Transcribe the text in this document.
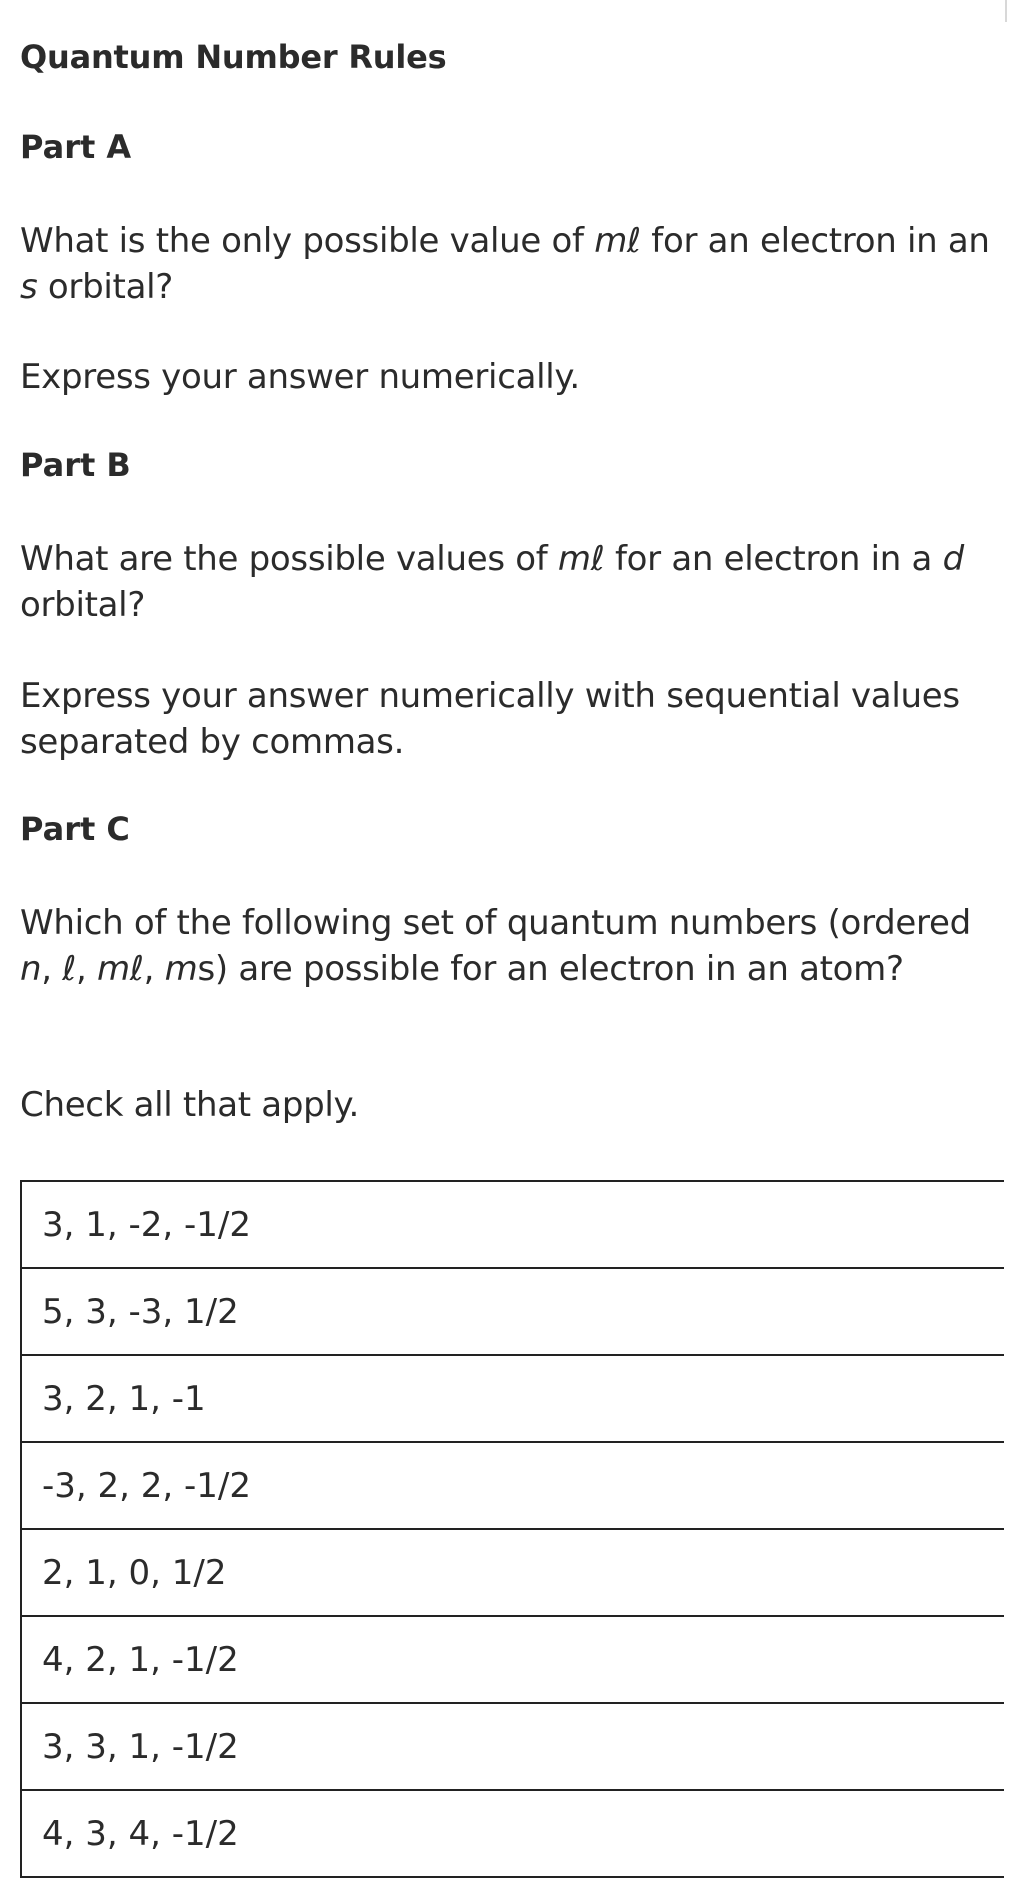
Quantum Number Rules
Part A

What is the only possible value of mℓ for an electron in an s orbital?

Express your answer numerically.

Part B

What are the possible values of mℓ for an electron in a d orbital?

Express your answer numerically with sequential values separated by commas.

Part C

Which of the following set of quantum numbers (ordered n, ℓ, mℓ, ms) are possible for an electron in an atom?

Check all that apply.

3, 1, -2, -1/2
5, 3, -3, 1/2
3, 2, 1, -1
-3, 2, 2, -1/2
2, 1, 0, 1/2
4, 2, 1, -1/2
3, 3, 1, -1/2
4, 3, 4, -1/2
